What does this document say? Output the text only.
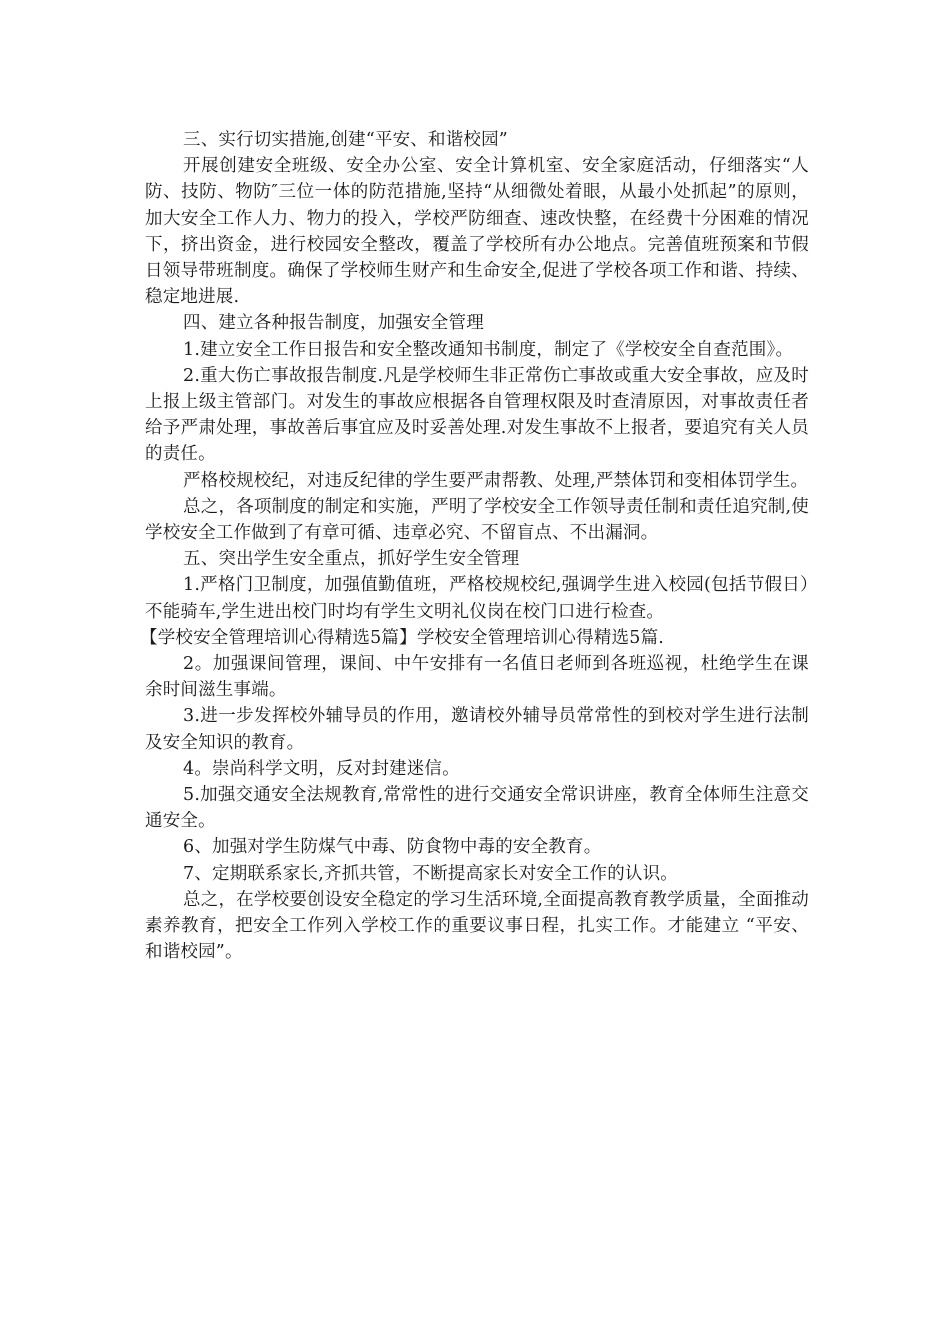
三、实行切实措施,创建“平安、和谐校园”

开展创建安全班级、安全办公室、安全计算机室、安全家庭活动，仔细落实“人防、技防、物防″三位一体的防范措施,坚持“从细微处着眼，从最小处抓起”的原则，加大安全工作人力、物力的投入，学校严防细查、速改快整，在经费十分困难的情况下，挤出资金，进行校园安全整改，覆盖了学校所有办公地点。完善值班预案和节假日领导带班制度。确保了学校师生财产和生命安全,促进了学校各项工作和谐、持续、稳定地进展.

四、建立各种报告制度，加强安全管理

1.建立安全工作日报告和安全整改通知书制度，制定了《学校安全自查范围》。

2.重大伤亡事故报告制度.凡是学校师生非正常伤亡事故或重大安全事故，应及时上报上级主管部门。对发生的事故应根据各自管理权限及时查清原因，对事故责任者给予严肃处理，事故善后事宜应及时妥善处理.对发生事故不上报者，要追究有关人员的责任。

严格校规校纪，对违反纪律的学生要严肃帮教、处理,严禁体罚和变相体罚学生。

总之，各项制度的制定和实施，严明了学校安全工作领导责任制和责任追究制,使学校安全工作做到了有章可循、违章必究、不留盲点、不出漏洞。

五、突出学生安全重点，抓好学生安全管理

1.严格门卫制度，加强值勤值班，严格校规校纪,强调学生进入校园(包括节假日）不能骑车,学生进出校门时均有学生文明礼仪岗在校门口进行检查。

【学校安全管理培训心得精选5篇】学校安全管理培训心得精选5篇.

2。加强课间管理，课间、中午安排有一名值日老师到各班巡视，杜绝学生在课余时间滋生事端。

3.进一步发挥校外辅导员的作用，邀请校外辅导员常常性的到校对学生进行法制及安全知识的教育。

4。崇尚科学文明，反对封建迷信。

5.加强交通安全法规教育,常常性的进行交通安全常识讲座，教育全体师生注意交通安全。

6、加强对学生防煤气中毒、防食物中毒的安全教育。

7、定期联系家长,齐抓共管，不断提高家长对安全工作的认识。

总之，在学校要创设安全稳定的学习生活环境,全面提高教育教学质量，全面推动素养教育，把安全工作列入学校工作的重要议事日程，扎实工作。才能建立 “平安、和谐校园”。
